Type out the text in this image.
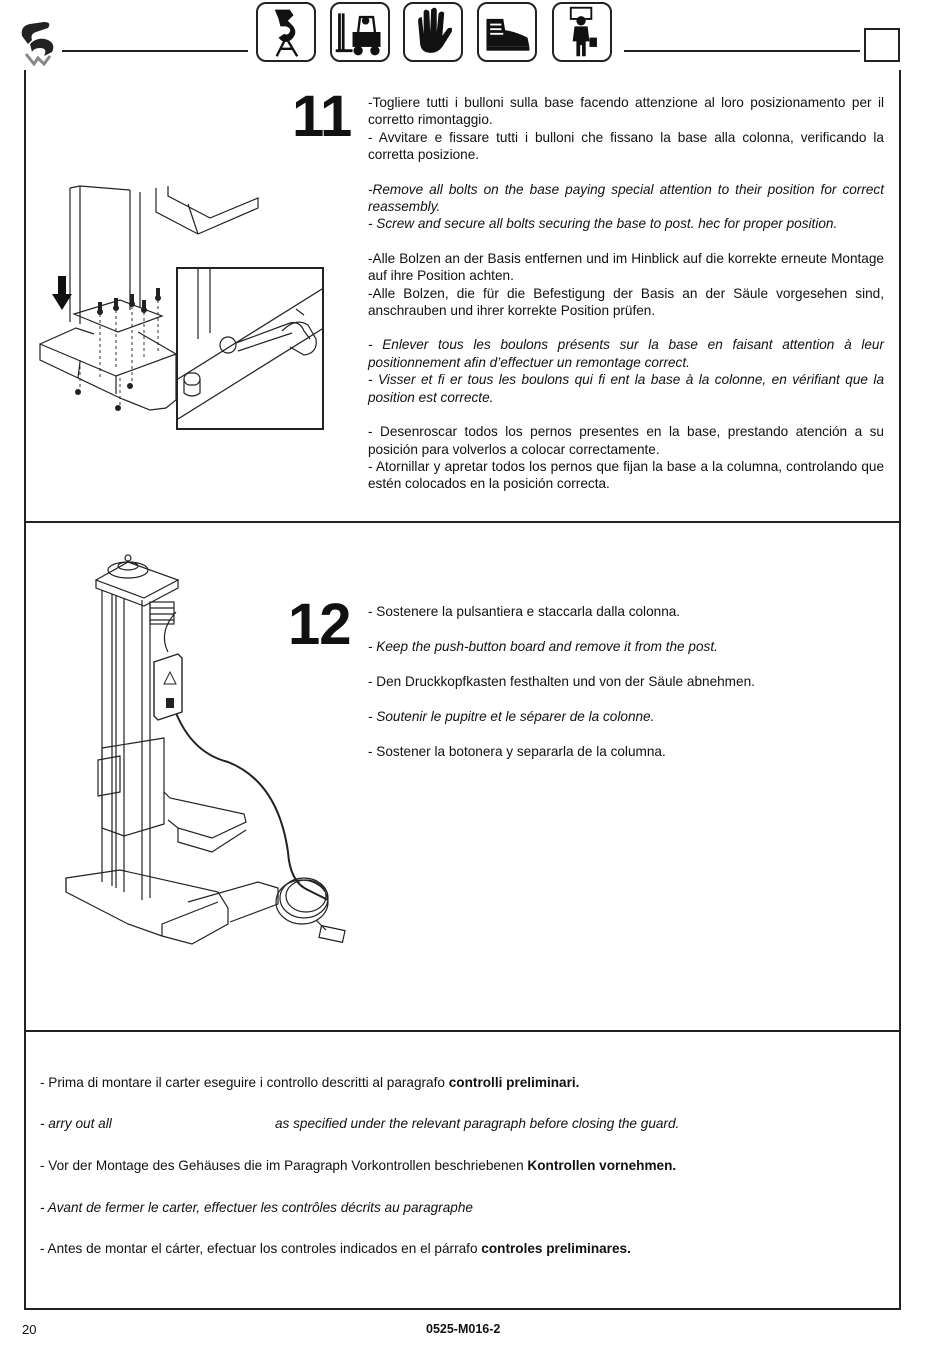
11 -Togliere tutti i bulloni sulla base facendo attenzione al loro posizionamento per il corretto rimontaggio.

- Avvitare e fissare tutti i bulloni che fissano la base alla colonna, verificando la corretta posizione.

-Remove all bolts on the base paying special attention to their position for correct reassembly.

- Screw and secure all bolts securing the base to post. hec for proper position.

-Alle Bolzen an der Basis entfernen und im Hinblick auf die korrekte erneute Montage auf ihre Position achten.

-Alle Bolzen, die für die Befestigung der Basis an der Säule vorgesehen sind, anschrauben und ihrer korrekte Position prüfen.

- Enlever tous les boulons présents sur la base en faisant attention à leur positionnement afin d’effectuer un remontage correct.

- Visser et fi er tous les boulons qui fi ent la base à la colonne, en vérifiant que la position est correcte.

- Desenroscar todos los pernos presentes en la base, prestando atención a su posición para volverlos a colocar correctamente.

- Atornillar y apretar todos los pernos que fijan la base a la columna, controlando que estén colocados en la posición correcta.

12 - Sostenere la pulsantiera e staccarla dalla colonna.

- Keep the push-button board and remove it from the post.

- Den Druckkopfkasten festhalten und von der Säule abnehmen.

- Soutenir le pupitre et le séparer de la colonne.

- Sostener la botonera y separarla de la columna.

- Prima di montare il carter eseguire i controllo descritti al paragrafo controlli preliminari.
- arry out all	as specified under the relevant paragraph before closing the guard.
- Vor der Montage des Gehäuses die im Paragraph Vorkontrollen beschriebenen Kontrollen vornehmen.
- Avant de fermer le carter, effectuer les contrôles décrits au paragraphe
- Antes de montar el cárter, efectuar los controles indicados en el párrafo controles preliminares.
20	0525-M016-2
